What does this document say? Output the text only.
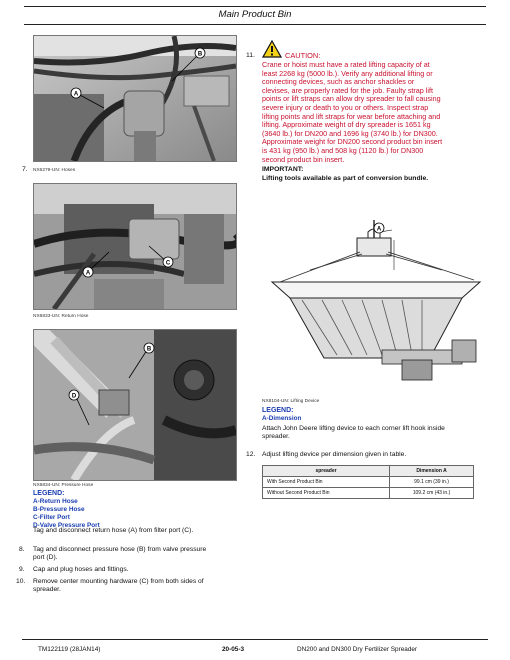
Main Product Bin
B
A
7. NX6279-UN: Hoses
C
A
NX6833-UN: Return Hose
B
D
NX6834-UN: Pressure Hose
LEGEND:
A-Return Hose
B-Pressure Hose
C-Filter Port
D-Valve Pressure Port
Tag and disconnect return hose (A) from filter port (C).
8.	Tag and disconnect pressure hose (B) from valve pressure
port (D).
9.	Cap and plug hoses and fittings.
10.	Remove center mounting hardware (C) from both sides of
spreader.
11.	CAUTION:
Crane or hoist must have a rated lifting capacity of at
least 2268 kg (5000 lb.). Verify any additional lifting or
connecting devices, such as anchor shackles or
clevises, are properly rated for the job. Faulty strap lift
points or lift straps can allow dry spreader to fall causing
severe injury or death to you or others. Inspect strap
lifting points and lift straps for wear before attaching and
lifting. Approximate weight of dry spreader is 1651 kg
(3640 lb.) for DN200 and 1696 kg (3740 lb.) for DN300.
Approximate weight for DN200 second product bin insert
is 431 kg (950 lb.) and 508 kg (1120 lb.) for DN300
second product bin insert.
IMPORTANT:
Lifting tools available as part of conversion bundle.
A
NX8104-UN: Lifting Device
LEGEND:
A-Dimension
Attach John Deere lifting device to each corner lift hook inside
spreader.
12.	Adjust lifting device per dimension given in table.
spreader	Dimension A
With Second Product Bin	99.1 cm (39 in.)
Without Second Product Bin	109.2 cm (43 in.)
TM122119 (28JAN14)	20-05-3	DN200 and DN300 Dry Fertilizer Spreader
